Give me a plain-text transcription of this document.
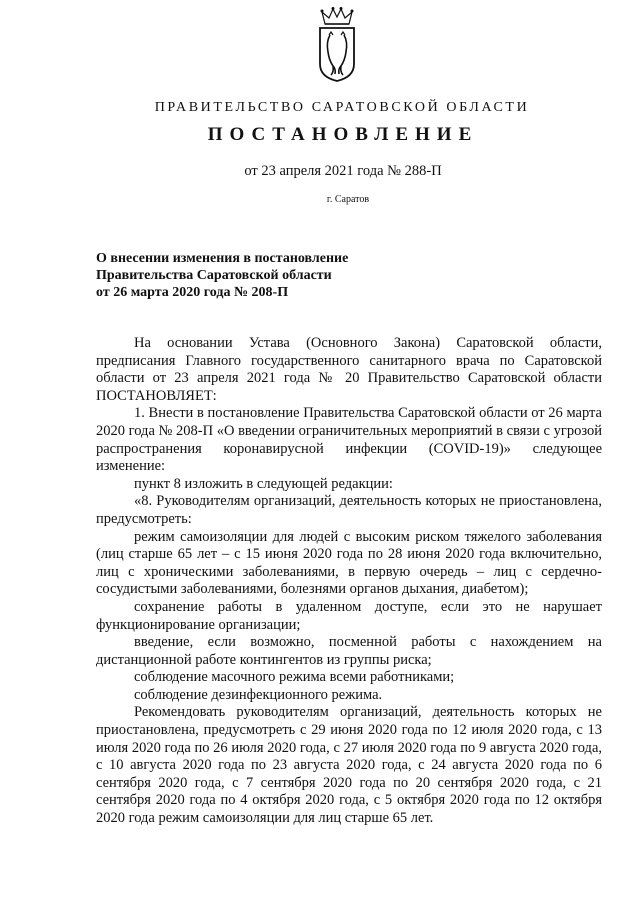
ПРАВИТЕЛЬСТВО САРАТОВСКОЙ ОБЛАСТИ
ПОСТАНОВЛЕНИЕ
от 23 апреля 2021 года № 288-П
г. Саратов
О внесении изменения в постановление
Правительства Саратовской области
от 26 марта 2020 года № 208-П

На основании Устава (Основного Закона) Саратовской области, предписания Главного государственного санитарного врача по Саратовской области от 23 апреля 2021 года № 20 Правительство Саратовской области ПОСТАНОВЛЯЕТ:

1. Внести в постановление Правительства Саратовской области от 26 марта 2020 года № 208-П «О введении ограничительных мероприятий в связи с угрозой распространения коронавирусной инфекции (COVID-19)» следующее изменение:

пункт 8 изложить в следующей редакции:

«8. Руководителям организаций, деятельность которых не приостановлена, предусмотреть:

режим самоизоляции для людей с высоким риском тяжелого заболевания (лиц старше 65 лет – с 15 июня 2020 года по 28 июня 2020 года включительно, лиц с хроническими заболеваниями, в первую очередь – лиц с сердечно-сосудистыми заболеваниями, болезнями органов дыхания, диабетом);

сохранение работы в удаленном доступе, если это не нарушает функционирование организации;

введение, если возможно, посменной работы с нахождением на дистанционной работе контингентов из группы риска;

соблюдение масочного режима всеми работниками;

соблюдение дезинфекционного режима.

Рекомендовать руководителям организаций, деятельность которых не приостановлена, предусмотреть с 29 июня 2020 года по 12 июля 2020 года, с 13 июля 2020 года по 26 июля 2020 года, с 27 июля 2020 года по 9 августа 2020 года, с 10 августа 2020 года по 23 августа 2020 года, с 24 августа 2020 года по 6 сентября 2020 года, с 7 сентября 2020 года по 20 сентября 2020 года, с 21 сентября 2020 года по 4 октября 2020 года, с 5 октября 2020 года по 12 октября 2020 года режим самоизоляции для лиц старше 65 лет.
